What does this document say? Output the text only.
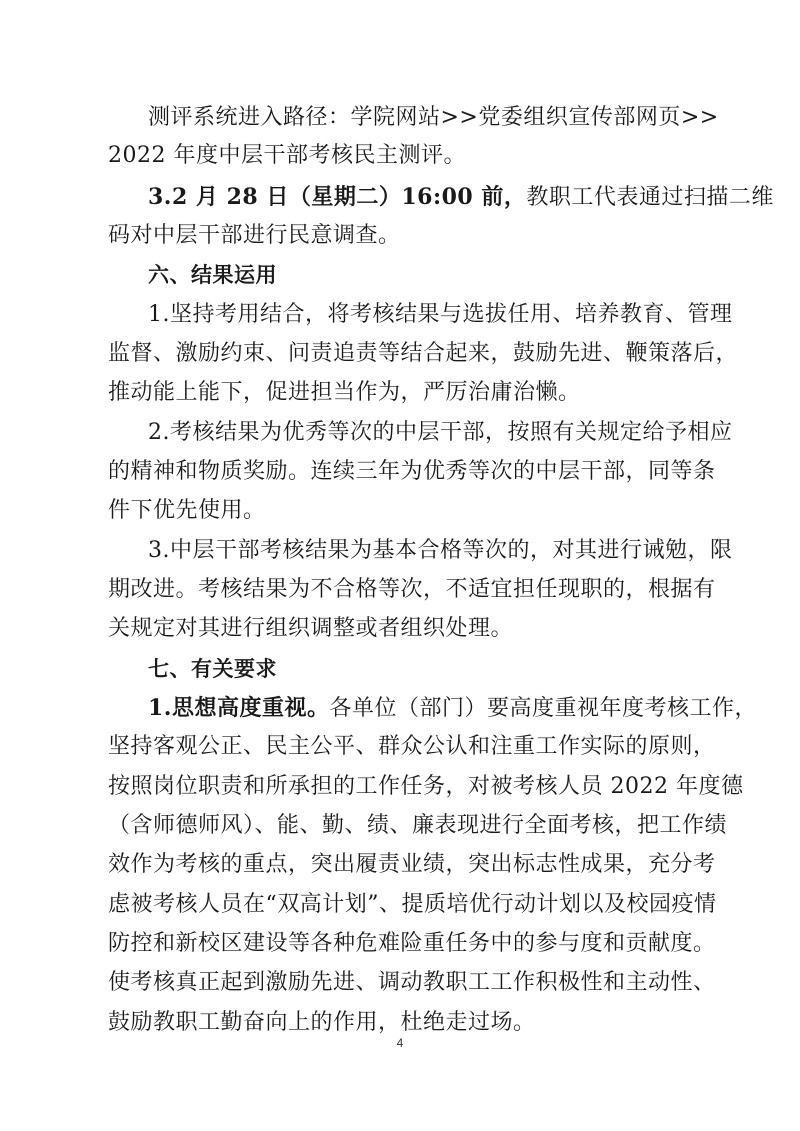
测评系统进入路径：学院网站>>党委组织宣传部网页>>
2022 年度中层干部考核民主测评。
3.2 月 28 日（星期二）16:00 前，教职工代表通过扫描二维
码对中层干部进行民意调查。
六、结果运用
1.坚持考用结合，将考核结果与选拔任用、培养教育、管理
监督、激励约束、问责追责等结合起来，鼓励先进、鞭策落后，
推动能上能下，促进担当作为，严厉治庸治懒。
2.考核结果为优秀等次的中层干部，按照有关规定给予相应
的精神和物质奖励。连续三年为优秀等次的中层干部，同等条
件下优先使用。
3.中层干部考核结果为基本合格等次的，对其进行诫勉，限
期改进。考核结果为不合格等次，不适宜担任现职的，根据有
关规定对其进行组织调整或者组织处理。
七、有关要求
1.思想高度重视。各单位（部门）要高度重视年度考核工作，
坚持客观公正、民主公平、群众公认和注重工作实际的原则，
按照岗位职责和所承担的工作任务，对被考核人员 2022 年度德
（含师德师风）、能、勤、绩、廉表现进行全面考核，把工作绩
效作为考核的重点，突出履责业绩，突出标志性成果，充分考
虑被考核人员在“双高计划”、提质培优行动计划以及校园疫情
防控和新校区建设等各种危难险重任务中的参与度和贡献度。
使考核真正起到激励先进、调动教职工工作积极性和主动性、
鼓励教职工勤奋向上的作用，杜绝走过场。
4
